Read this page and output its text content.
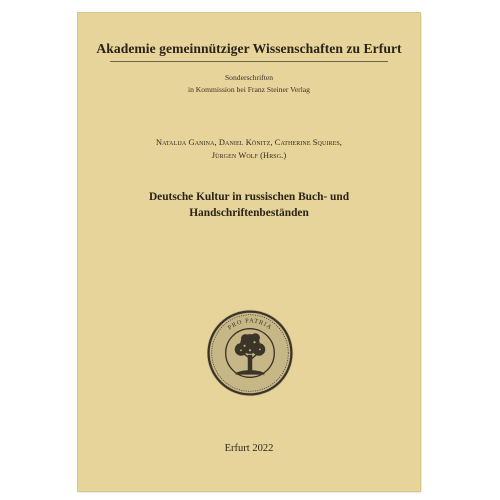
Akademie gemeinnütziger Wissenschaften zu Erfurt
Sonderschriften
in Kommission bei Franz Steiner Verlag
Natalija Ganina, Daniel Könitz, Catherine Squires,
Jürgen Wolf (Hrsg.)
Deutsche Kultur in russischen Buch- und
Handschriftenbeständen
PRO PATRIA
Erfurt 2022
